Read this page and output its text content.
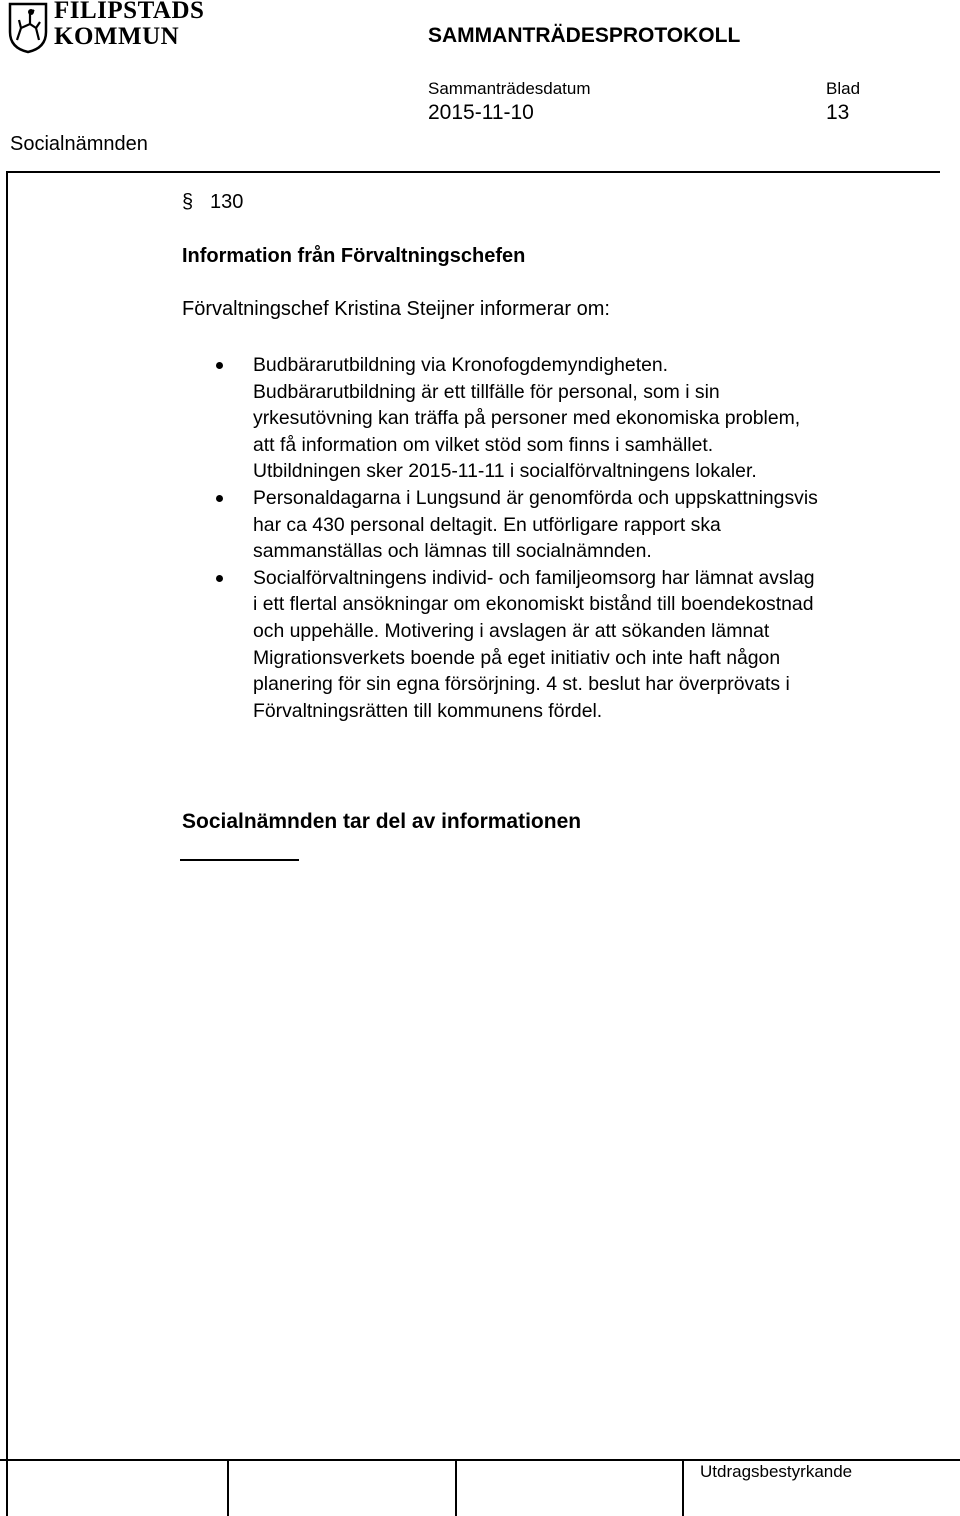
FILIPSTADS
KOMMUN	SAMMANTRÄDESPROTOKOLL
Sammanträdesdatum
2015-11-10
Blad
13
Socialnämnden
§ 130
Information från Förvaltningschefen
Förvaltningschef Kristina Steijner informerar om:
Budbärarutbildning via Kronofogdemyndigheten.
Budbärarutbildning är ett tillfälle för personal, som i sin
yrkesutövning kan träffa på personer med ekonomiska problem,
att få information om vilket stöd som finns i samhället.
Utbildningen sker 2015-11-11 i socialförvaltningens lokaler.
Personaldagarna i Lungsund är genomförda och uppskattningsvis
har ca 430 personal deltagit. En utförligare rapport ska
sammanställas och lämnas till socialnämnden.
Socialförvaltningens individ- och familjeomsorg har lämnat avslag
i ett flertal ansökningar om ekonomiskt bistånd till boendekostnad
och uppehälle. Motivering i avslagen är att sökanden lämnat
Migrationsverkets boende på eget initiativ och inte haft någon
planering för sin egna försörjning. 4 st. beslut har överprövats i
Förvaltningsrätten till kommunens fördel.
Socialnämnden tar del av informationen
Utdragsbestyrkande
